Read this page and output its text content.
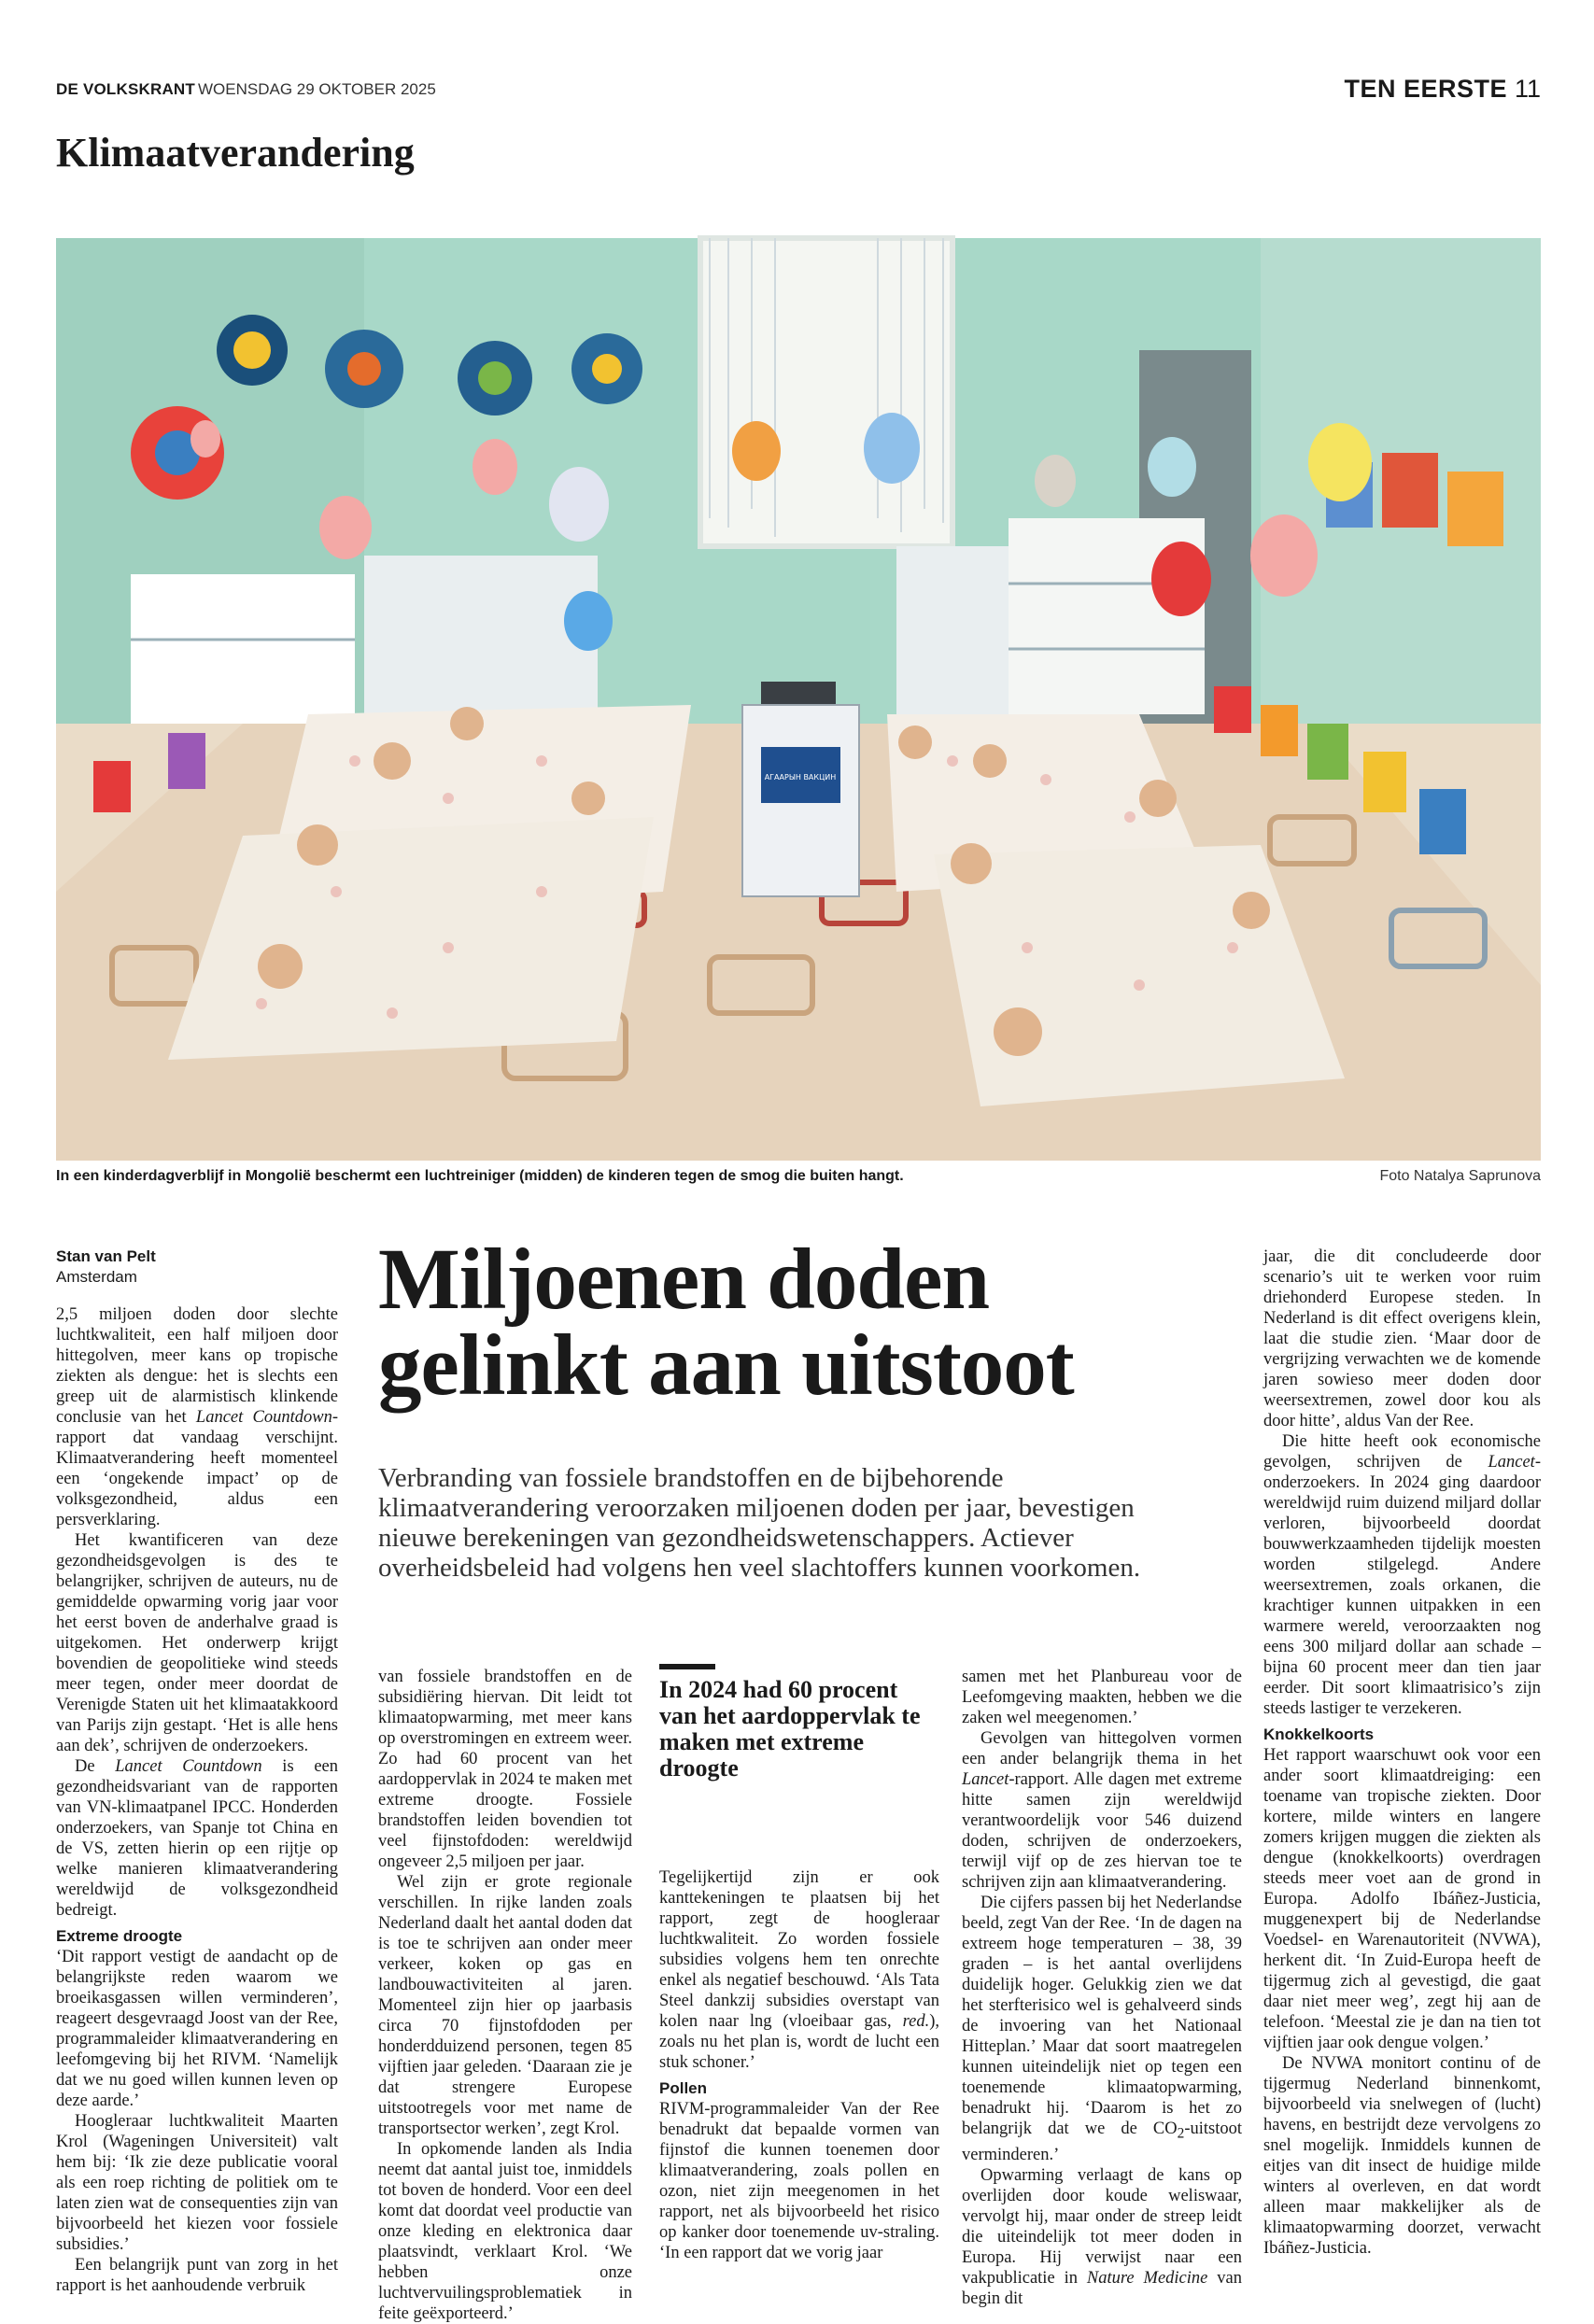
DE VOLKSKRANT WOENSDAG 29 OKTOBER 2025	TEN EERSTE 11
Klimaatverandering
АГААРЫН ВАКЦИН
In een kinderdagverblijf in Mongolië beschermt een luchtreiniger (midden) de kinderen tegen de smog die buiten hangt.	Foto Natalya Saprunova
Miljoenen doden
gelinkt aan uitstoot
Verbranding van fossiele brandstoffen en de bijbehorende klimaatverandering veroorzaken miljoenen doden per jaar, bevestigen nieuwe berekeningen van gezondheidswetenschappers. Actiever overheidsbeleid had volgens hen veel slachtoffers kunnen voorkomen.
Stan van Pelt
Amsterdam

2,5 miljoen doden door slechte luchtkwaliteit, een half miljoen door hittegolven, meer kans op tropische ziekten als dengue: het is slechts een greep uit de alarmistisch klinkende conclusie van het Lancet Countdown-rapport dat vandaag verschijnt. Klimaatverandering heeft momenteel een ‘ongekende impact’ op de volksgezondheid, aldus een persverklaring.

Het kwantificeren van deze gezondheidsgevolgen is des te belangrijker, schrijven de auteurs, nu de gemiddelde opwarming vorig jaar voor het eerst boven de anderhalve graad is uitgekomen. Het onderwerp krijgt bovendien de geopolitieke wind steeds meer tegen, onder meer doordat de Verenigde Staten uit het klimaatakkoord van Parijs zijn gestapt. ‘Het is alle hens aan dek’, schrijven de onderzoekers.

De Lancet Countdown is een gezondheidsvariant van de rapporten van VN-klimaatpanel IPCC. Honderden onderzoekers, van Spanje tot China en de VS, zetten hierin op een rijtje op welke manieren klimaatverandering wereldwijd de volksgezondheid bedreigt.

Extreme droogte

‘Dit rapport vestigt de aandacht op de belangrijkste reden waarom we broeikasgassen willen verminderen’, reageert desgevraagd Joost van der Ree, programmaleider klimaatverandering en leefomgeving bij het RIVM. ‘Namelijk dat we nu goed willen kunnen leven op deze aarde.’

Hoogleraar luchtkwaliteit Maarten Krol (Wageningen Universiteit) valt hem bij: ‘Ik zie deze publicatie vooral als een roep richting de politiek om te laten zien wat de consequenties zijn van bijvoorbeeld het kiezen voor fossiele subsidies.’

Een belangrijk punt van zorg in het rapport is het aanhoudende verbruik

van fossiele brandstoffen en de subsidiëring hiervan. Dit leidt tot klimaatopwarming, met meer kans op overstromingen en extreem weer. Zo had 60 procent van het aardoppervlak in 2024 te maken met extreme droogte. Fossiele brandstoffen leiden bovendien tot veel fijnstofdoden: wereldwijd ongeveer 2,5 miljoen per jaar.

Wel zijn er grote regionale verschillen. In rijke landen zoals Nederland daalt het aantal doden dat is toe te schrijven aan onder meer verkeer, koken op gas en landbouwactiviteiten al jaren. Momenteel zijn hier op jaarbasis circa 70 fijnstofdoden per honderdduizend personen, tegen 85 vijftien jaar geleden. ‘Daaraan zie je dat strengere Europese uitstootregels voor met name de transportsector werken’, zegt Krol.

In opkomende landen als India neemt dat aantal juist toe, inmiddels tot boven de honderd. Voor een deel komt dat doordat veel productie van onze kleding en elektronica daar plaatsvindt, verklaart Krol. ‘We hebben onze luchtvervuilingsproblematiek in feite geëxporteerd.’

In 2024 had 60 procent van het aardoppervlak te maken met extreme droogte

Tegelijkertijd zijn er ook kanttekeningen te plaatsen bij het rapport, zegt de hoogleraar luchtkwaliteit. Zo worden fossiele subsidies volgens hem ten onrechte enkel als negatief beschouwd. ‘Als Tata Steel dankzij subsidies overstapt van kolen naar lng (vloeibaar gas, red.), zoals nu het plan is, wordt de lucht een stuk schoner.’

Pollen

RIVM-programmaleider Van der Ree benadrukt dat bepaalde vormen van fijnstof die kunnen toenemen door klimaatverandering, zoals pollen en ozon, niet zijn meegenomen in het rapport, net als bijvoorbeeld het risico op kanker door toenemende uv-straling. ‘In een rapport dat we vorig jaar

samen met het Planbureau voor de Leefomgeving maakten, hebben we die zaken wel meegenomen.’

Gevolgen van hittegolven vormen een ander belangrijk thema in het Lancet-rapport. Alle dagen met extreme hitte samen zijn wereldwijd verantwoordelijk voor 546 duizend doden, schrijven de onderzoekers, terwijl vijf op de zes hiervan toe te schrijven zijn aan klimaatverandering.

Die cijfers passen bij het Nederlandse beeld, zegt Van der Ree. ‘In de dagen na extreem hoge temperaturen – 38, 39 graden – is het aantal overlijdens duidelijk hoger. Gelukkig zien we dat het sterfterisico wel is gehalveerd sinds de invoering van het Nationaal Hitteplan.’ Maar dat soort maatregelen kunnen uiteindelijk niet op tegen een toenemende klimaatopwarming, benadrukt hij. ‘Daarom is het zo belangrijk dat we de $CO_2$-uitstoot verminderen.’

Opwarming verlaagt de kans op overlijden door koude weliswaar, vervolgt hij, maar onder de streep leidt die uiteindelijk tot meer doden in Europa. Hij verwijst naar een vakpublicatie in Nature Medicine van begin dit

jaar, die dit concludeerde door scenario’s uit te werken voor ruim driehonderd Europese steden. In Nederland is dit effect overigens klein, laat die studie zien. ‘Maar door de vergrijzing verwachten we de komende jaren sowieso meer doden door weersextremen, zowel door kou als door hitte’, aldus Van der Ree.

Die hitte heeft ook economische gevolgen, schrijven de Lancet-onderzoekers. In 2024 ging daardoor wereldwijd ruim duizend miljard dollar verloren, bijvoorbeeld doordat bouwwerkzaamheden tijdelijk moesten worden stilgelegd. Andere weersextremen, zoals orkanen, die krachtiger kunnen uitpakken in een warmere wereld, veroorzaakten nog eens 300 miljard dollar aan schade – bijna 60 procent meer dan tien jaar eerder. Dit soort klimaatrisico’s zijn steeds lastiger te verzekeren.

Knokkelkoorts

Het rapport waarschuwt ook voor een ander soort klimaatdreiging: een toename van tropische ziekten. Door kortere, milde winters en langere zomers krijgen muggen die ziekten als dengue (knokkelkoorts) overdragen steeds meer voet aan de grond in Europa. Adolfo Ibáñez-Justicia, muggenexpert bij de Nederlandse Voedsel- en Warenautoriteit (NVWA), herkent dit. ‘In Zuid-Europa heeft de tijgermug zich al gevestigd, die gaat daar niet meer weg’, zegt hij aan de telefoon. ‘Meestal zie je dan na tien tot vijftien jaar ook dengue volgen.’

De NVWA monitort continu of de tijgermug Nederland binnenkomt, bijvoorbeeld via snelwegen of (lucht) havens, en bestrijdt deze vervolgens zo snel mogelijk. Inmiddels kunnen de eitjes van dit insect de huidige milde winters al overleven, en dat wordt alleen maar makkelijker als de klimaatopwarming doorzet, verwacht Ibáñez-Justicia.
